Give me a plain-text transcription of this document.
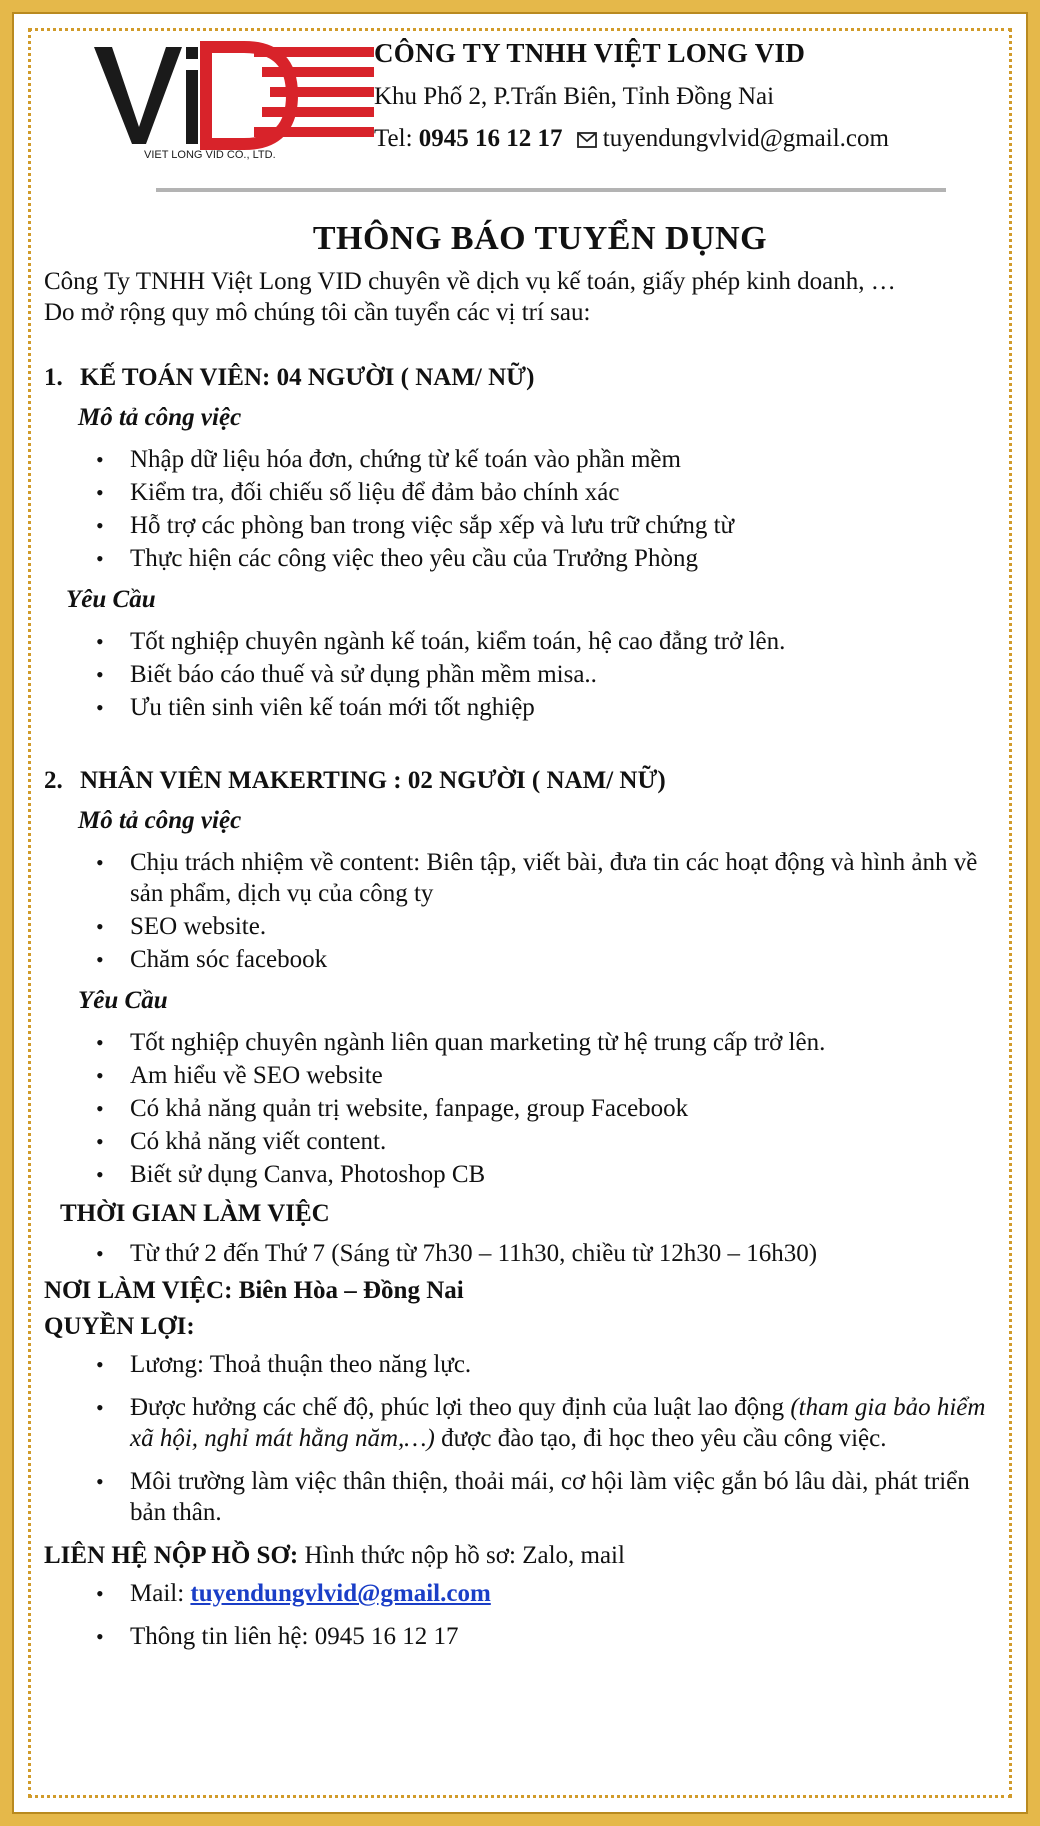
VIET LONG VID CO., LTD.
CÔNG TY TNHH VIỆT LONG VID
Khu Phố 2, P.Trấn Biên, Tỉnh Đồng Nai
Tel: 0945 16 12 17 tuyendungvlvid@gmail.com
THÔNG BÁO TUYỂN DỤNG
Công Ty TNHH Việt Long VID chuyên về dịch vụ kế toán, giấy phép kinh doanh, …
Do mở rộng quy mô chúng tôi cần tuyển các vị trí sau:
1. KẾ TOÁN VIÊN: 04 NGƯỜI ( NAM/ NỮ)
Mô tả công việc
• Nhập dữ liệu hóa đơn, chứng từ kế toán vào phần mềm
• Kiểm tra, đối chiếu số liệu để đảm bảo chính xác
• Hỗ trợ các phòng ban trong việc sắp xếp và lưu trữ chứng từ
• Thực hiện các công việc theo yêu cầu của Trưởng Phòng
Yêu Cầu
• Tốt nghiệp chuyên ngành kế toán, kiểm toán, hệ cao đẳng trở lên.
• Biết báo cáo thuế và sử dụng phần mềm misa..
• Ưu tiên sinh viên kế toán mới tốt nghiệp
2. NHÂN VIÊN MAKERTING : 02 NGƯỜI ( NAM/ NỮ)
Mô tả công việc
• Chịu trách nhiệm về content: Biên tập, viết bài, đưa tin các hoạt động và hình ảnh về sản phẩm, dịch vụ của công ty
• SEO website.
• Chăm sóc facebook
Yêu Cầu
• Tốt nghiệp chuyên ngành liên quan marketing từ hệ trung cấp trở lên.
• Am hiểu về SEO website
• Có khả năng quản trị website, fanpage, group Facebook
• Có khả năng viết content.
• Biết sử dụng Canva, Photoshop CB
THỜI GIAN LÀM VIỆC
• Từ thứ 2 đến Thứ 7 (Sáng từ 7h30 – 11h30, chiều từ 12h30 – 16h30)
NƠI LÀM VIỆC: Biên Hòa – Đồng Nai
QUYỀN LỢI:
• Lương: Thoả thuận theo năng lực.
• Được hưởng các chế độ, phúc lợi theo quy định của luật lao động (tham gia bảo hiểm xã hội, nghỉ mát hằng năm,…) được đào tạo, đi học theo yêu cầu công việc.
• Môi trường làm việc thân thiện, thoải mái, cơ hội làm việc gắn bó lâu dài, phát triển bản thân.
LIÊN HỆ NỘP HỒ SƠ: Hình thức nộp hồ sơ: Zalo, mail
• Mail: tuyendungvlvid@gmail.com
• Thông tin liên hệ: 0945 16 12 17
